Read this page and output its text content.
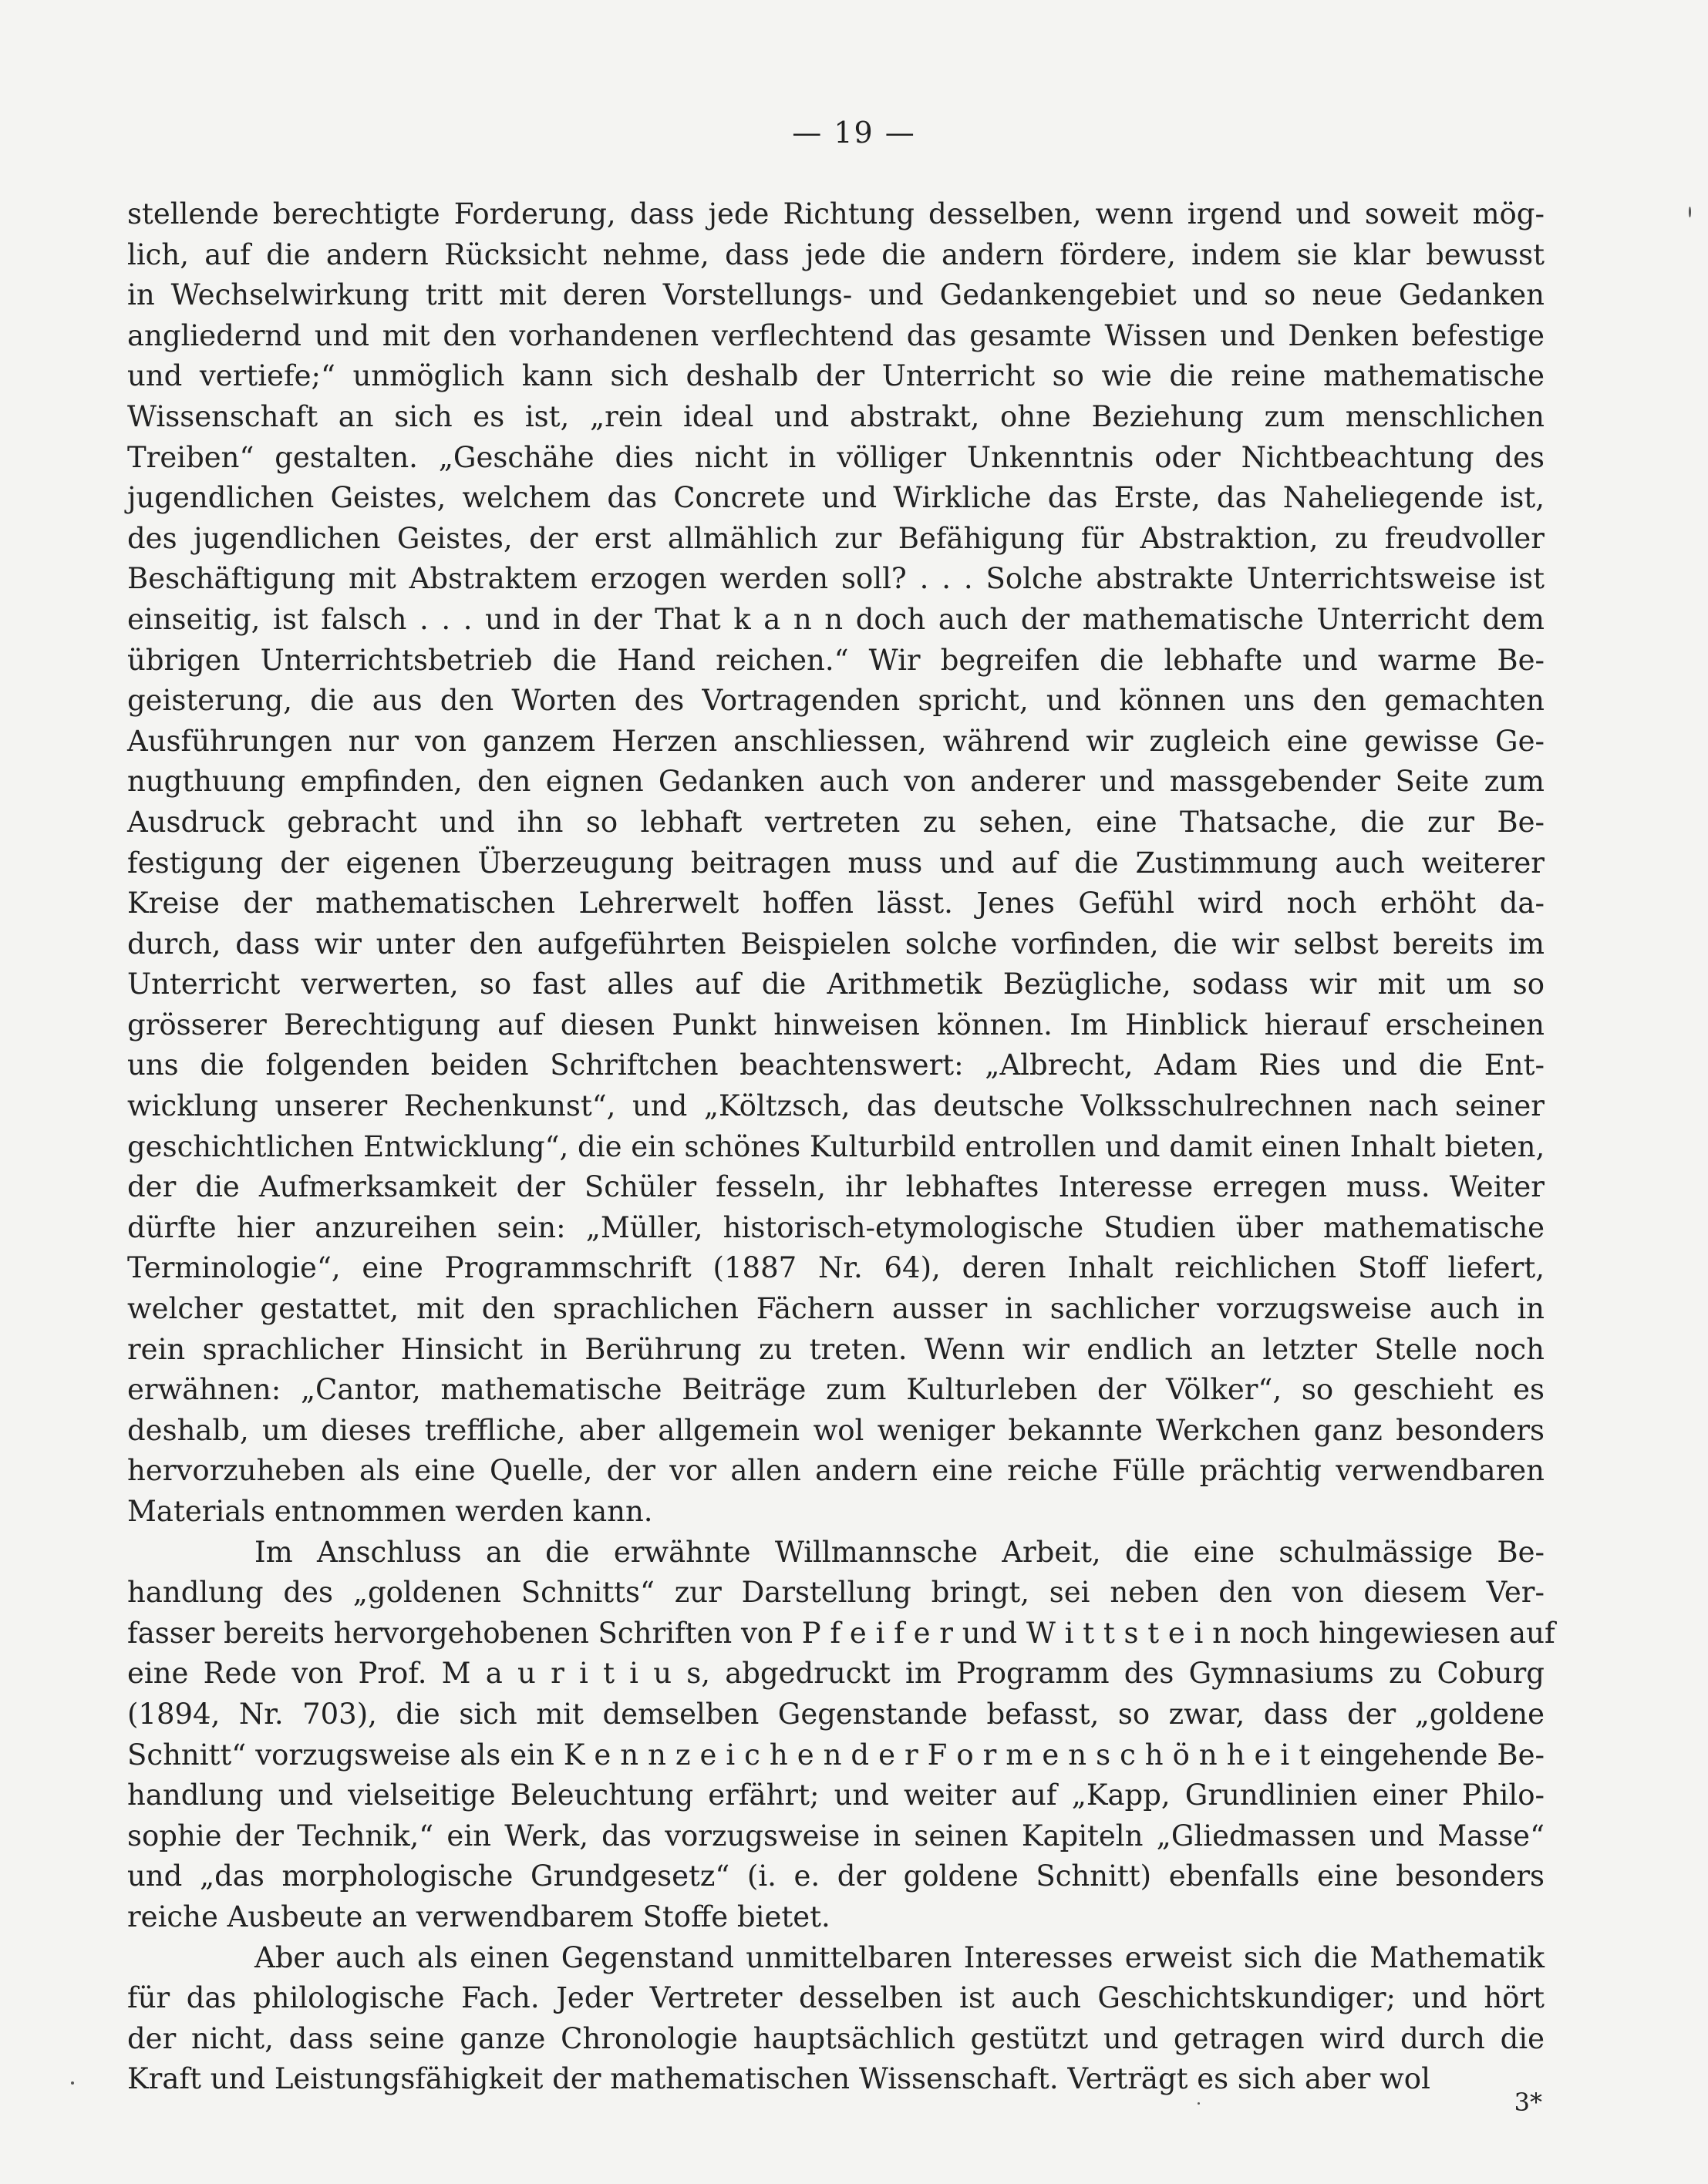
— 19 —
stellende berechtigte Forderung, dass jede Richtung desselben, wenn irgend und soweit mög-
lich, auf die andern Rücksicht nehme, dass jede die andern fördere, indem sie klar bewusst
in Wechselwirkung tritt mit deren Vorstellungs- und Gedankengebiet und so neue Gedanken
angliedernd und mit den vorhandenen verflechtend das gesamte Wissen und Denken befestige
und vertiefe;“ unmöglich kann sich deshalb der Unterricht so wie die reine mathematische
Wissenschaft an sich es ist, „rein ideal und abstrakt, ohne Beziehung zum menschlichen
Treiben“ gestalten. „Geschähe dies nicht in völliger Unkenntnis oder Nichtbeachtung des
jugendlichen Geistes, welchem das Concrete und Wirkliche das Erste, das Naheliegende ist,
des jugendlichen Geistes, der erst allmählich zur Befähigung für Abstraktion, zu freudvoller
Beschäftigung mit Abstraktem erzogen werden soll? . . . Solche abstrakte Unterrichtsweise ist
einseitig, ist falsch . . . und in der That k a n n doch auch der mathematische Unterricht dem
übrigen Unterrichtsbetrieb die Hand reichen.“ Wir begreifen die lebhafte und warme Be-
geisterung, die aus den Worten des Vortragenden spricht, und können uns den gemachten
Ausführungen nur von ganzem Herzen anschliessen, während wir zugleich eine gewisse Ge-
nugthuung empfinden, den eignen Gedanken auch von anderer und massgebender Seite zum
Ausdruck gebracht und ihn so lebhaft vertreten zu sehen, eine Thatsache, die zur Be-
festigung der eigenen Überzeugung beitragen muss und auf die Zustimmung auch weiterer
Kreise der mathematischen Lehrerwelt hoffen lässt. Jenes Gefühl wird noch erhöht da-
durch, dass wir unter den aufgeführten Beispielen solche vorfinden, die wir selbst bereits im
Unterricht verwerten, so fast alles auf die Arithmetik Bezügliche, sodass wir mit um so
grösserer Berechtigung auf diesen Punkt hinweisen können. Im Hinblick hierauf erscheinen
uns die folgenden beiden Schriftchen beachtenswert: „Albrecht, Adam Ries und die Ent-
wicklung unserer Rechenkunst“, und „Költzsch, das deutsche Volksschulrechnen nach seiner
geschichtlichen Entwicklung“, die ein schönes Kulturbild entrollen und damit einen Inhalt bieten,
der die Aufmerksamkeit der Schüler fesseln, ihr lebhaftes Interesse erregen muss. Weiter
dürfte hier anzureihen sein: „Müller, historisch-etymologische Studien über mathematische
Terminologie“, eine Programmschrift (1887 Nr. 64), deren Inhalt reichlichen Stoff liefert,
welcher gestattet, mit den sprachlichen Fächern ausser in sachlicher vorzugsweise auch in
rein sprachlicher Hinsicht in Berührung zu treten. Wenn wir endlich an letzter Stelle noch
erwähnen: „Cantor, mathematische Beiträge zum Kulturleben der Völker“, so geschieht es
deshalb, um dieses treffliche, aber allgemein wol weniger bekannte Werkchen ganz besonders
hervorzuheben als eine Quelle, der vor allen andern eine reiche Fülle prächtig verwendbaren
Materials entnommen werden kann.
Im Anschluss an die erwähnte Willmannsche Arbeit, die eine schulmässige Be-
handlung des „goldenen Schnitts“ zur Darstellung bringt, sei neben den von diesem Ver-
fasser bereits hervorgehobenen Schriften von P f e i f e r und W i t t s t e i n noch hingewiesen auf
eine Rede von Prof. M a u r i t i u s, abgedruckt im Programm des Gymnasiums zu Coburg
(1894, Nr. 703), die sich mit demselben Gegenstande befasst, so zwar, dass der „goldene
Schnitt“ vorzugsweise als ein K e n n z e i c h e n d e r F o r m e n s c h ö n h e i t eingehende Be-
handlung und vielseitige Beleuchtung erfährt; und weiter auf „Kapp, Grundlinien einer Philo-
sophie der Technik,“ ein Werk, das vorzugsweise in seinen Kapiteln „Gliedmassen und Masse“
und „das morphologische Grundgesetz“ (i. e. der goldene Schnitt) ebenfalls eine besonders
reiche Ausbeute an verwendbarem Stoffe bietet.
Aber auch als einen Gegenstand unmittelbaren Interesses erweist sich die Mathematik
für das philologische Fach. Jeder Vertreter desselben ist auch Geschichtskundiger; und hört
der nicht, dass seine ganze Chronologie hauptsächlich gestützt und getragen wird durch die
Kraft und Leistungsfähigkeit der mathematischen Wissenschaft. Verträgt es sich aber wol
3*
